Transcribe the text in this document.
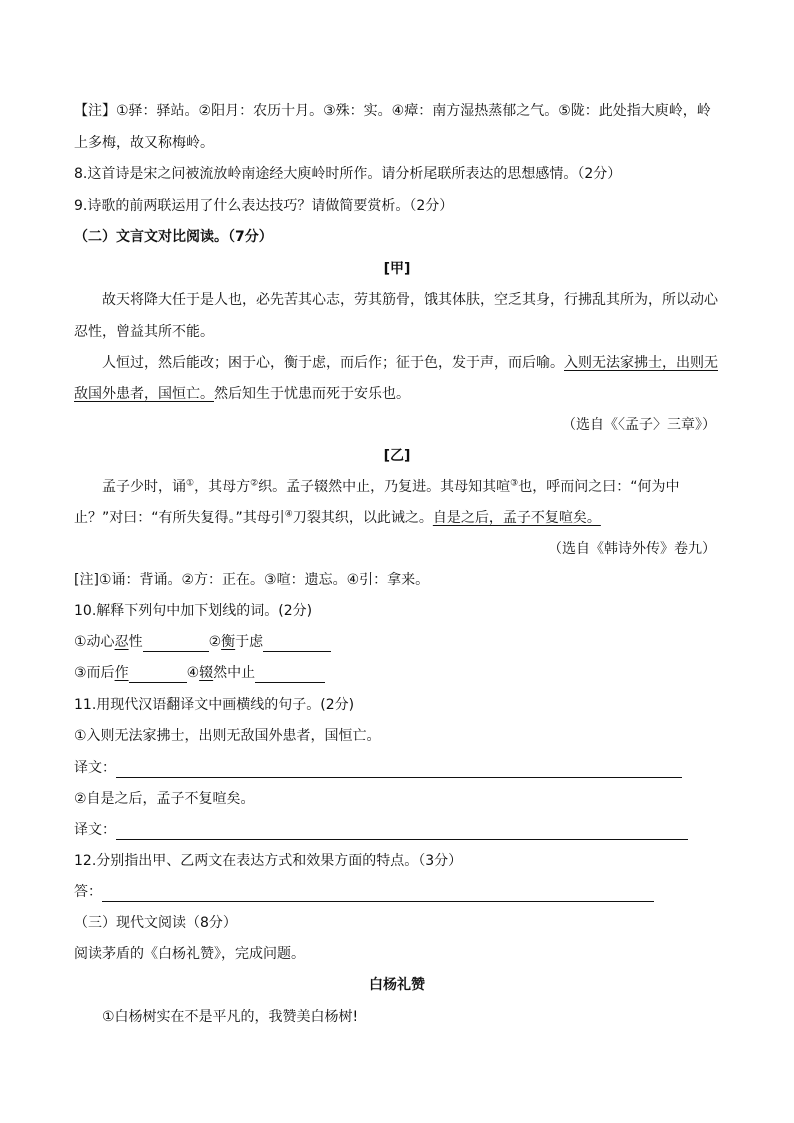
【注】①驿：驿站。②阳月：农历十月。③殊：实。④瘴：南方湿热蒸郁之气。⑤陇：此处指大庾岭，岭
上多梅，故又称梅岭。
8.这首诗是宋之问被流放岭南途经大庾岭时所作。请分析尾联所表达的思想感情。（2分）
9.诗歌的前两联运用了什么表达技巧？请做简要赏析。（2分）
（二）文言文对比阅读。（7分）
[甲]
故天将降大任于是人也，必先苦其心志，劳其筋骨，饿其体肤，空乏其身，行拂乱其所为，所以动心
忍性，曾益其所不能。
人恒过，然后能改；困于心，衡于虑，而后作；征于色，发于声，而后喻。入则无法家拂士，出则无
敌国外患者，国恒亡。然后知生于忧患而死于安乐也。
（选自《〈孟子〉三章》）
[乙]
孟子少时，诵①，其母方②织。孟子辍然中止，乃复进。其母知其喧③也，呼而问之曰：“何为中
止？”对曰：“有所失复得。”其母引④刀裂其织，以此诫之。自是之后，孟子不复喧矣。
（选自《韩诗外传》卷九）
[注]①诵：背诵。②方：正在。③喧：遗忘。④引：拿来。
10.解释下列句中加下划线的词。(2分)
①动心 忍 性	② 衡 于虑
③而后 作	④ 辍 然中止
11.用现代汉语翻译文中画横线的句子。(2分)
①入则无法家拂士，出则无敌国外患者，国恒亡。
译文：
②自是之后，孟子不复喧矣。
译文：
12.分别指出甲、乙两文在表达方式和效果方面的特点。（3分）
答：
（三）现代文阅读（8分）
阅读茅盾的《白杨礼赞》，完成问题。
白杨礼赞
①白杨树实在不是平凡的，我赞美白杨树!
